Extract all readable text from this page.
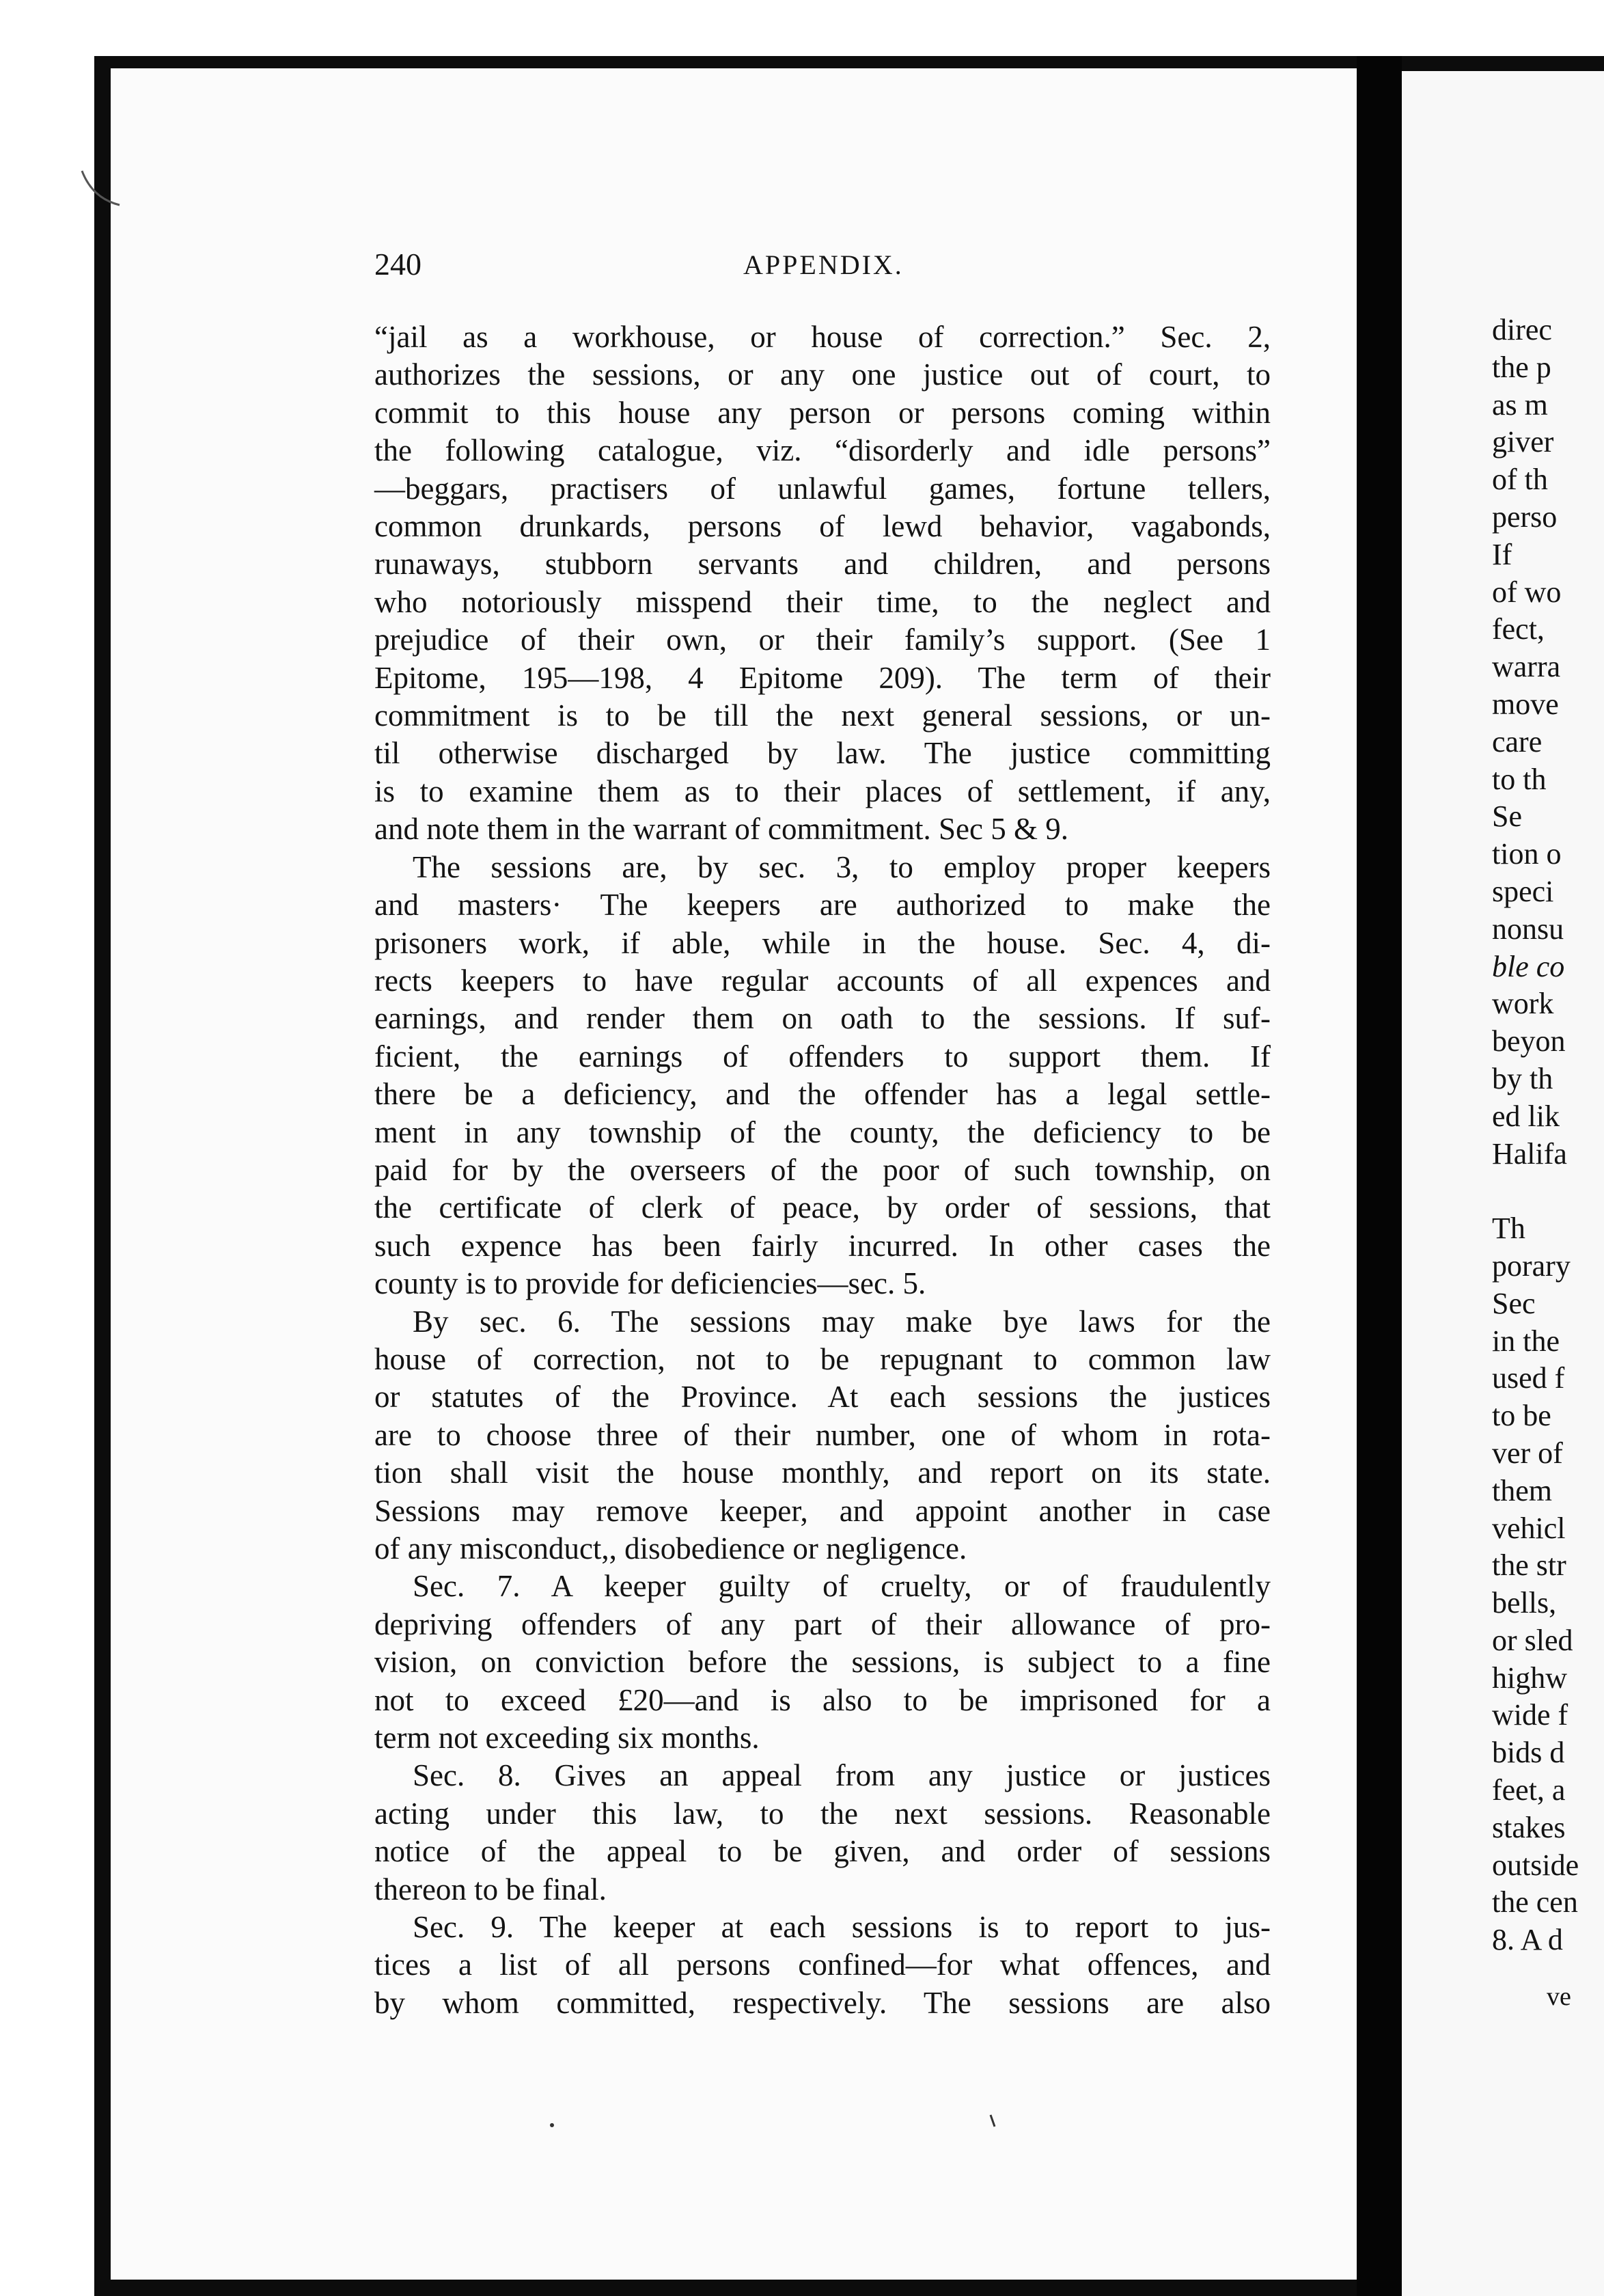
240	APPENDIX.
“jail as a workhouse, or house of correction.” Sec. 2,
authorizes the sessions, or any one justice out of court, to
commit to this house any person or persons coming within
the following catalogue, viz. “disorderly and idle persons”
—beggars, practisers of unlawful games, fortune tellers,
common drunkards, persons of lewd behavior, vagabonds,
runaways, stubborn servants and children, and persons
who notoriously misspend their time, to the neglect and
prejudice of their own, or their family’s support. (See 1
Epitome, 195—198, 4 Epitome 209). The term of their
commitment is to be till the next general sessions, or un-
til otherwise discharged by law. The justice committing
is to examine them as to their places of settlement, if any,
and note them in the warrant of commitment. Sec 5 & 9.
The sessions are, by sec. 3, to employ proper keepers
and masters· The keepers are authorized to make the
prisoners work, if able, while in the house. Sec. 4, di-
rects keepers to have regular accounts of all expences and
earnings, and render them on oath to the sessions. If suf-
ficient, the earnings of offenders to support them. If
there be a deficiency, and the offender has a legal settle-
ment in any township of the county, the deficiency to be
paid for by the overseers of the poor of such township, on
the certificate of clerk of peace, by order of sessions, that
such expence has been fairly incurred. In other cases the
county is to provide for deficiencies—sec. 5.
By sec. 6. The sessions may make bye laws for the
house of correction, not to be repugnant to common law
or statutes of the Province. At each sessions the justices
are to choose three of their number, one of whom in rota-
tion shall visit the house monthly, and report on its state.
Sessions may remove keeper, and appoint another in case
of any misconduct,, disobedience or negligence.
Sec. 7. A keeper guilty of cruelty, or of fraudulently
depriving offenders of any part of their allowance of pro-
vision, on conviction before the sessions, is subject to a fine
not to exceed £20—and is also to be imprisoned for a
term not exceeding six months.
Sec. 8. Gives an appeal from any justice or justices
acting under this law, to the next sessions. Reasonable
notice of the appeal to be given, and order of sessions
thereon to be final.
Sec. 9. The keeper at each sessions is to report to jus-
tices a list of all persons confined—for what offences, and
by whom committed, respectively. The sessions are also
direc
the p
as m
giver
of th
perso
If
of wo
fect,
warra
move
care
to th
Se
tion o
speci
nonsu
ble co
work
beyon
by th
ed lik
Halifa
Th
porary
Sec
in the
used f
to be
ver of
them
vehicl
the str
bells,
or sled
highw
wide f
bids d
feet, a
stakes
outside
the cen
8. A d
ve
